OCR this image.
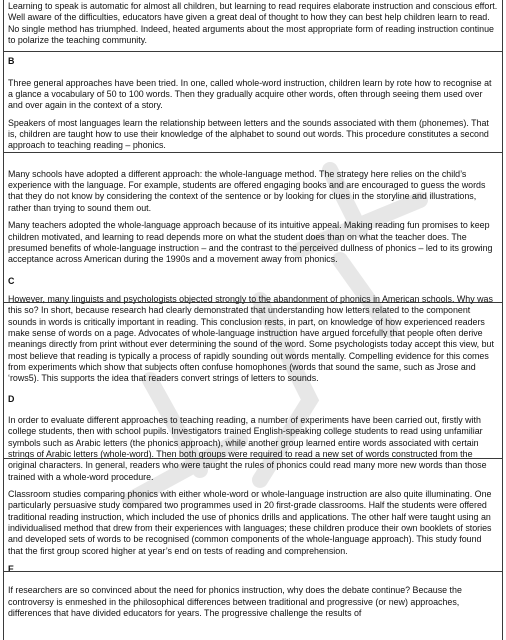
Learning to speak is automatic for almost all children, but learning to read requires elaborate instruction and conscious effort. Well aware of the difficulties, educators have given a great deal of thought to how they can best help children learn to read. No single method has triumphed. Indeed, heated arguments about the most appropriate form of reading instruction continue to polarize the teaching community.

B

Three general approaches have been tried. In one, called whole-word instruction, children learn by rote how to recognise at a glance a vocabulary of 50 to 100 words. Then they gradually acquire other words, often through seeing them used over and over again in the context of a story.

Speakers of most languages learn the relationship between letters and the sounds associated with them (phonemes). That is, children are taught how to use their knowledge of the alphabet to sound out words. This procedure constitutes a second approach to teaching reading – phonics.

Many schools have adopted a different approach: the whole-language method. The strategy here relies on the child’s experience with the language. For example, students are offered engaging books and are encouraged to guess the words that they do not know by considering the context of the sentence or by looking for clues in the storyline and illustrations, rather than trying to sound them out.

Many teachers adopted the whole-language approach because of its intuitive appeal. Making reading fun promises to keep children motivated, and learning to read depends more on what the student does than on what the teacher does. The presumed benefits of whole-language instruction – and the contrast to the perceived dullness of phonics – led to its growing acceptance across American during the 1990s and a movement away from phonics.

C

However, many linguists and psychologists objected strongly to the abandonment of phonics in American schools. Why was this so? In short, because research had clearly demonstrated that understanding how letters related to the component sounds in words is critically important in reading. This conclusion rests, in part, on knowledge of how experienced readers make sense of words on a page. Advocates of whole-language instruction have argued forcefully that people often derive meanings directly from print without ever determining the sound of the word. Some psychologists today accept this view, but most believe that reading is typically a process of rapidly sounding out words mentally. Compelling evidence for this comes from experiments which show that subjects often confuse homophones (words that sound the same, such as Jrose and ‘rows5). This supports the idea that readers convert strings of letters to sounds.

D

In order to evaluate different approaches to teaching reading, a number of experiments have been carried out, firstly with college students, then with school pupils. Investigators trained English-speaking college students to read using unfamiliar symbols such as Arabic letters (the phonics approach), while another group learned entire words associated with certain strings of Arabic letters (whole-word). Then both groups were required to read a new set of words constructed from the original characters. In general, readers who were taught the rules of phonics could read many more new words than those trained with a whole-word procedure.

Classroom studies comparing phonics with either whole-word or whole-language instruction are also quite illuminating. One particularly persuasive study compared two programmes used in 20 first-grade classrooms. Half the students were offered traditional reading instruction, which included the use of phonics drills and applications. The other half were taught using an individualised method that drew from their experiences with languages; these children produce their own booklets of stories and developed sets of words to be recognised (common components of the whole-language approach). This study found that the first group scored higher at year’s end on tests of reading and comprehension.

E

If researchers are so convinced about the need for phonics instruction, why does the debate continue? Because the controversy is enmeshed in the philosophical differences between traditional and progressive (or new) approaches, differences that have divided educators for years. The progressive challenge the results of
